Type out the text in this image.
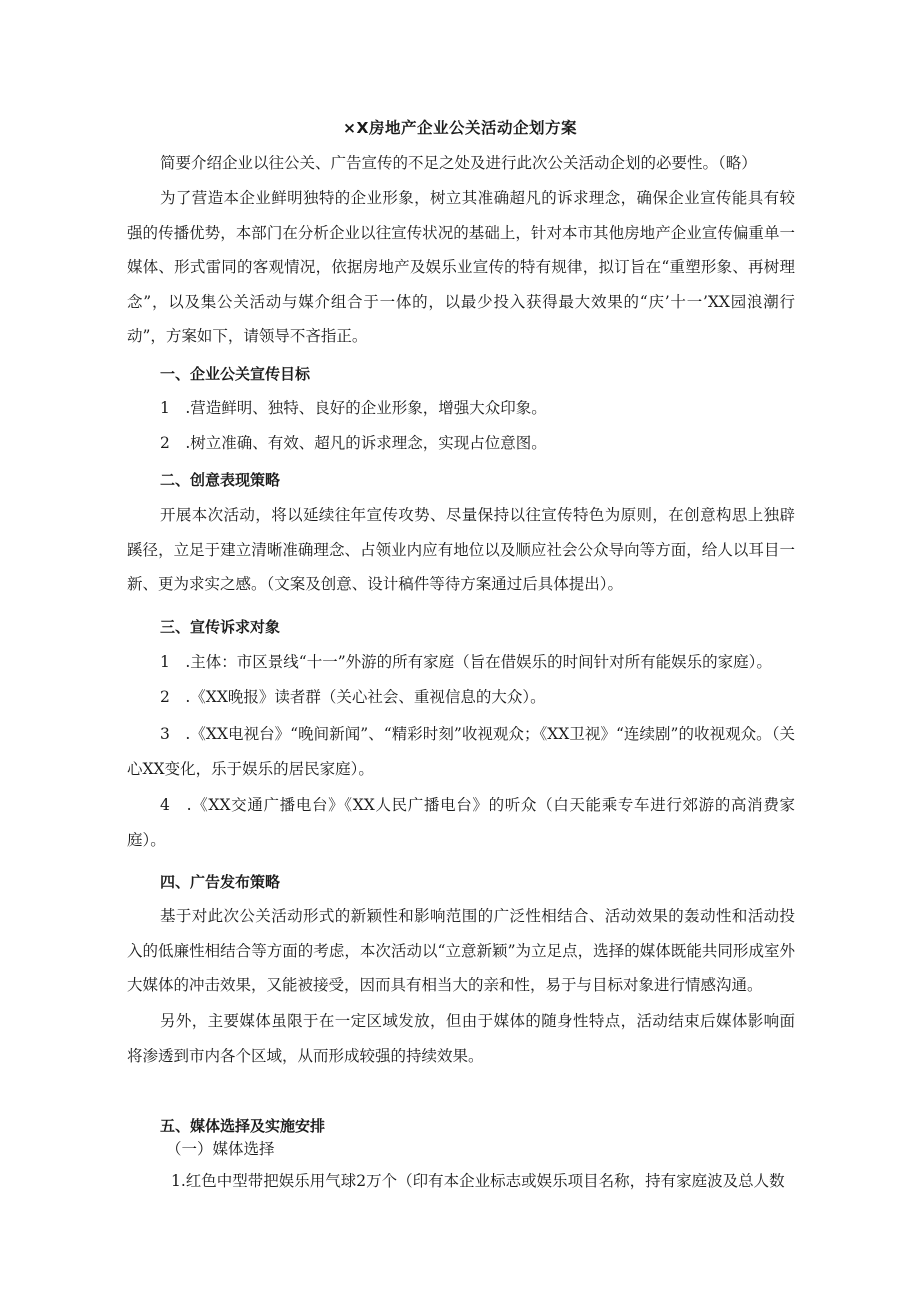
×X房地产企业公关活动企划方案

简要介绍企业以往公关、广告宣传的不足之处及进行此次公关活动企划的必要性。（略）

为了营造本企业鲜明独特的企业形象，树立其准确超凡的诉求理念，确保企业宣传能具有较强的传播优势，本部门在分析企业以往宣传状况的基础上，针对本市其他房地产企业宣传偏重单一媒体、形式雷同的客观情况，依据房地产及娱乐业宣传的特有规律，拟订旨在“重塑形象、再树理念”，以及集公关活动与媒介组合于一体的，以最少投入获得最大效果的“庆’十一’XX园浪潮行动”，方案如下，请领导不吝指正。

一、企业公关宣传目标

1　.营造鲜明、独特、良好的企业形象，增强大众印象。

2　.树立准确、有效、超凡的诉求理念，实现占位意图。

二、创意表现策略

开展本次活动，将以延续往年宣传攻势、尽量保持以往宣传特色为原则，在创意构思上独辟蹊径，立足于建立清晰准确理念、占领业内应有地位以及顺应社会公众导向等方面，给人以耳目一新、更为求实之感。（文案及创意、设计稿件等待方案通过后具体提出）。

三、宣传诉求对象

1　.主体：市区景线“十一”外游的所有家庭（旨在借娱乐的时间针对所有能娱乐的家庭）。

2　.《XX晚报》读者群（关心社会、重视信息的大众）。

3　.《XX电视台》“晚间新闻”、“精彩时刻”收视观众；《XX卫视》“连续剧”的收视观众。（关心XX变化，乐于娱乐的居民家庭）。

4　.《XX交通广播电台》《XX人民广播电台》的听众（白天能乘专车进行郊游的高消费家庭）。

四、广告发布策略

基于对此次公关活动形式的新颖性和影响范围的广泛性相结合、活动效果的轰动性和活动投入的低廉性相结合等方面的考虑，本次活动以“立意新颖”为立足点，选择的媒体既能共同形成室外大媒体的冲击效果，又能被接受，因而具有相当大的亲和性，易于与目标对象进行情感沟通。

另外，主要媒体虽限于在一定区域发放，但由于媒体的随身性特点，活动结束后媒体影响面将渗透到市内各个区域，从而形成较强的持续效果。

五、媒体选择及实施安排

（一）媒体选择

1.红色中型带把娱乐用气球2万个（印有本企业标志或娱乐项目名称，持有家庭波及总人数
